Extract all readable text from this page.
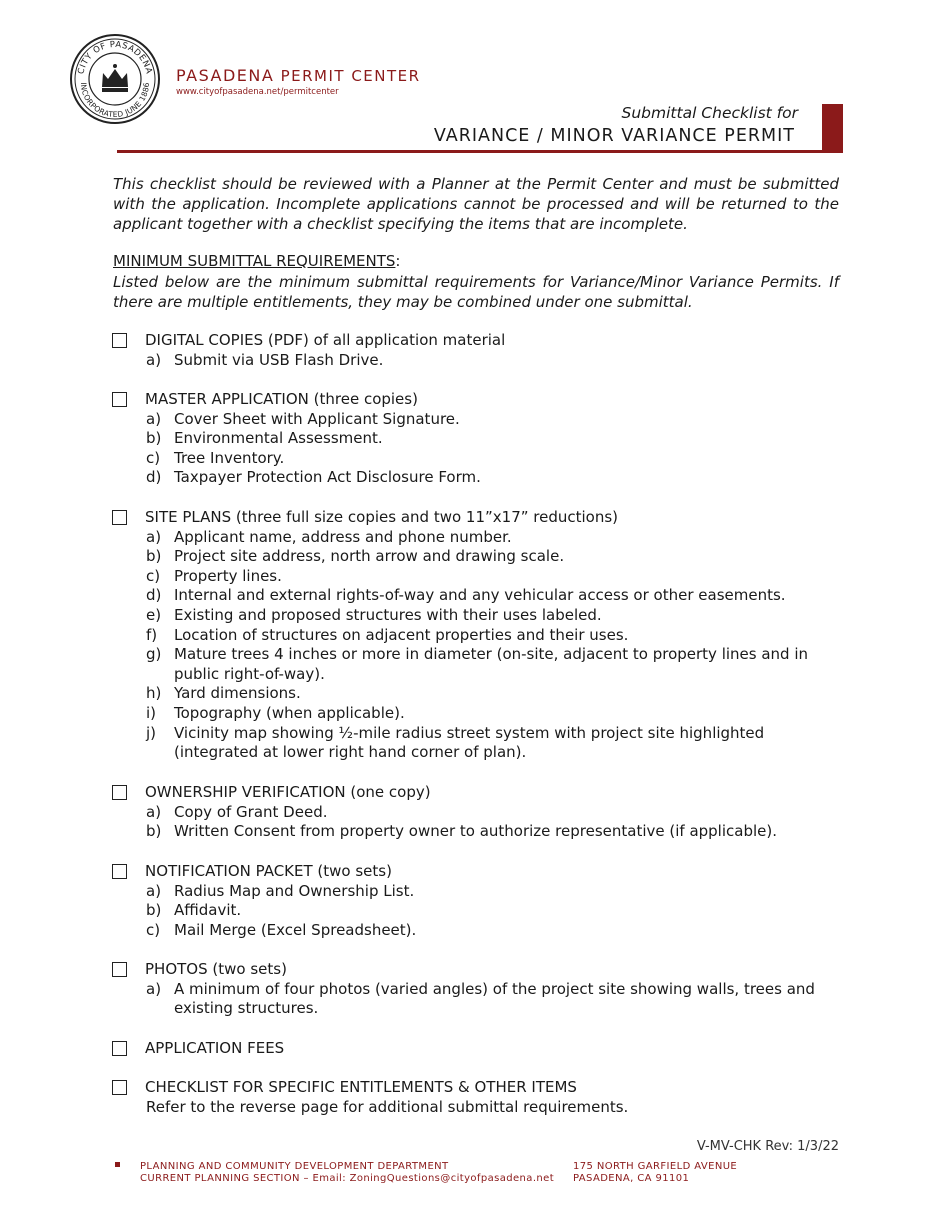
CITY OF PASADENA
INCORPORATED JUNE 1886 PASADENA PERMIT CENTER
www.cityofpasadena.net/permitcenter
Submittal Checklist for
VARIANCE / MINOR VARIANCE PERMIT
This checklist should be reviewed with a Planner at the Permit Center and must be submitted with the application. Incomplete applications cannot be processed and will be returned to the applicant together with a checklist specifying the items that are incomplete.
MINIMUM SUBMITTAL REQUIREMENTS:
Listed below are the minimum submittal requirements for Variance/Minor Variance Permits. If there are multiple entitlements, they may be combined under one submittal.
DIGITAL COPIES (PDF) of all application material
a) Submit via USB Flash Drive.
MASTER APPLICATION (three copies)
a) Cover Sheet with Applicant Signature.
b) Environmental Assessment.
c) Tree Inventory.
d) Taxpayer Protection Act Disclosure Form.
SITE PLANS (three full size copies and two 11”x17” reductions)
a) Applicant name, address and phone number.
b) Project site address, north arrow and drawing scale.
c) Property lines.
d) Internal and external rights-of-way and any vehicular access or other easements.
e) Existing and proposed structures with their uses labeled.
f)	Location of structures on adjacent properties and their uses.
g) Mature trees 4 inches or more in diameter (on-site, adjacent to property lines and in public right-of-way).
h) Yard dimensions.
i)	Topography (when applicable).
j)	Vicinity map showing ½-mile radius street system with project site highlighted (integrated at lower right hand corner of plan).
OWNERSHIP VERIFICATION (one copy)
a) Copy of Grant Deed.
b) Written Consent from property owner to authorize representative (if applicable).
NOTIFICATION PACKET (two sets)
a) Radius Map and Ownership List.
b) Affidavit.
c) Mail Merge (Excel Spreadsheet).
PHOTOS (two sets)
a) A minimum of four photos (varied angles) of the project site showing walls, trees and existing structures.
APPLICATION FEES
CHECKLIST FOR SPECIFIC ENTITLEMENTS & OTHER ITEMS
Refer to the reverse page for additional submittal requirements.
V-MV-CHK Rev: 1/3/22
PLANNING AND COMMUNITY DEVELOPMENT DEPARTMENT
CURRENT PLANNING SECTION – Email: ZoningQuestions@cityofpasadena.net
175 NORTH GARFIELD AVENUE
PASADENA, CA 91101
